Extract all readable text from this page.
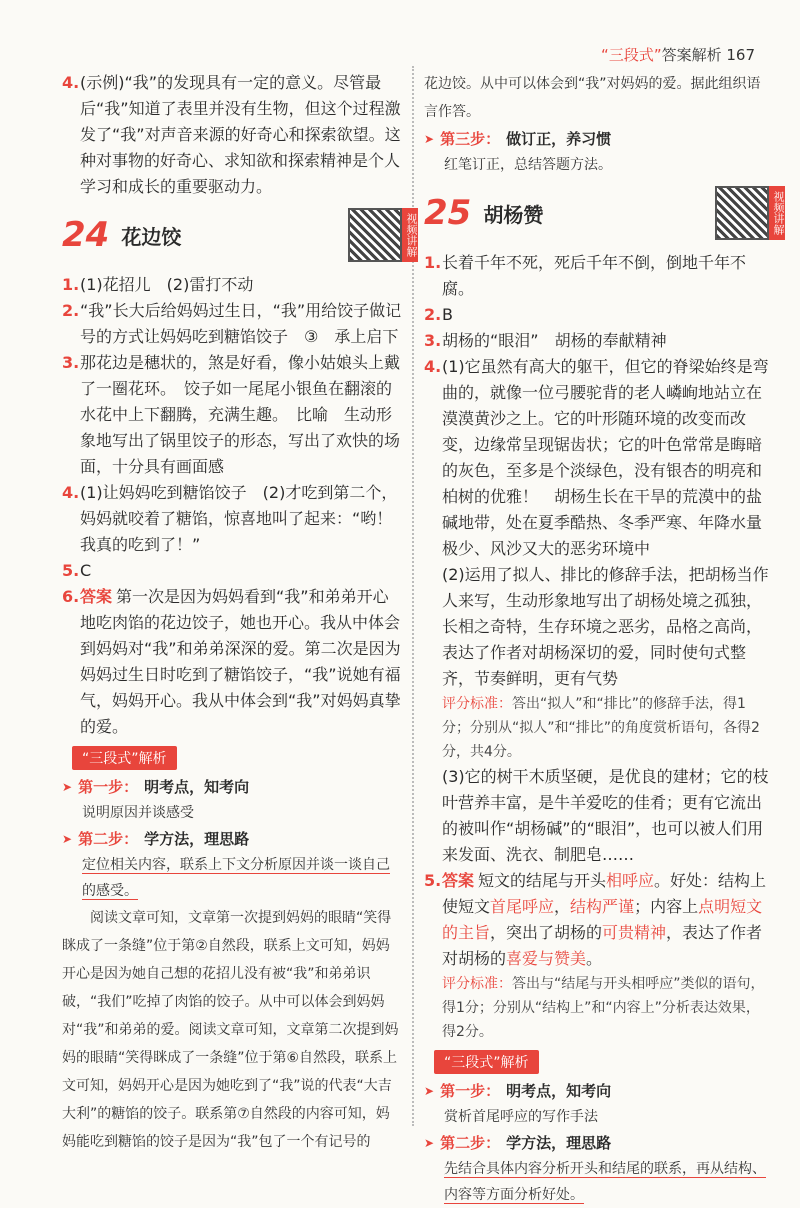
“三段式”答案解析 167
4. (示例)“我”的发现具有一定的意义。尽管最后“我”知道了表里并没有生物，但这个过程激发了“我”对声音来源的好奇心和探索欲望。这种对事物的好奇心、求知欲和探索精神是个人学习和成长的重要驱动力。
24 花边饺	视频讲解
1. (1)花招儿　(2)雷打不动
2. “我”长大后给妈妈过生日，“我”用给饺子做记号的方式让妈妈吃到糖馅饺子　③　承上启下
3. 那花边是穗状的，煞是好看，像小姑娘头上戴了一圈花环。　饺子如一尾尾小银鱼在翻滚的水花中上下翻腾，充满生趣。　比喻　生动形象地写出了锅里饺子的形态，写出了欢快的场面，十分具有画面感
4. (1)让妈妈吃到糖馅饺子　(2)才吃到第二个，妈妈就咬着了糖馅，惊喜地叫了起来：“哟！我真的吃到了！”
5. C
6. 答案 第一次是因为妈妈看到“我”和弟弟开心地吃肉馅的花边饺子，她也开心。我从中体会到妈妈对“我”和弟弟深深的爱。第二次是因为妈妈过生日时吃到了糖馅饺子，“我”说她有福气，妈妈开心。我从中体会到“我”对妈妈真挚的爱。
“三段式”解析
➤ 第一步： 明考点，知考向
说明原因并谈感受
➤ 第二步： 学方法，理思路
定位相关内容，联系上下文分析原因并谈一谈自己的感受。
阅读文章可知，文章第一次提到妈妈的眼睛“笑得眯成了一条缝”位于第②自然段，联系上文可知，妈妈开心是因为她自己想的花招儿没有被“我”和弟弟识破，“我们”吃掉了肉馅的饺子。从中可以体会到妈妈对“我”和弟弟的爱。阅读文章可知，文章第二次提到妈妈的眼睛“笑得眯成了一条缝”位于第⑥自然段，联系上文可知，妈妈开心是因为她吃到了“我”说的代表“大吉大利”的糖馅的饺子。联系第⑦自然段的内容可知，妈妈能吃到糖馅的饺子是因为“我”包了一个有记号的
花边饺。从中可以体会到“我”对妈妈的爱。据此组织语言作答。
➤ 第三步： 做订正，养习惯
红笔订正，总结答题方法。
25 胡杨赞	视频讲解
1. 长着千年不死，死后千年不倒，倒地千年不腐。
2. B
3. 胡杨的“眼泪”　胡杨的奉献精神
4. (1)它虽然有高大的躯干，但它的脊梁始终是弯曲的，就像一位弓腰驼背的老人嶙峋地站立在漠漠黄沙之上。它的叶形随环境的改变而改变，边缘常呈现锯齿状；它的叶色常常是晦暗的灰色，至多是个淡绿色，没有银杏的明亮和柏树的优雅！　胡杨生长在干旱的荒漠中的盐碱地带，处在夏季酷热、冬季严寒、年降水量极少、风沙又大的恶劣环境中
(2)运用了拟人、排比的修辞手法，把胡杨当作人来写，生动形象地写出了胡杨处境之孤独，长相之奇特，生存环境之恶劣，品格之高尚，表达了作者对胡杨深切的爱，同时使句式整齐，节奏鲜明，更有气势
评分标准：答出“拟人”和“排比”的修辞手法，得1分；分别从“拟人”和“排比”的角度赏析语句，各得2分，共4分。
(3)它的树干木质坚硬，是优良的建材；它的枝叶营养丰富，是牛羊爱吃的佳肴；更有它流出的被叫作“胡杨碱”的“眼泪”，也可以被人们用来发面、洗衣、制肥皂……
5. 答案 短文的结尾与开头相呼应。好处：结构上使短文首尾呼应，结构严谨；内容上点明短文的主旨，突出了胡杨的可贵精神，表达了作者对胡杨的喜爱与赞美。
评分标准：答出与“结尾与开头相呼应”类似的语句，得1分；分别从“结构上”和“内容上”分析表达效果，得2分。
“三段式”解析
➤ 第一步： 明考点，知考向
赏析首尾呼应的写作手法
➤ 第二步： 学方法，理思路
先结合具体内容分析开头和结尾的联系，再从结构、内容等方面分析好处。
